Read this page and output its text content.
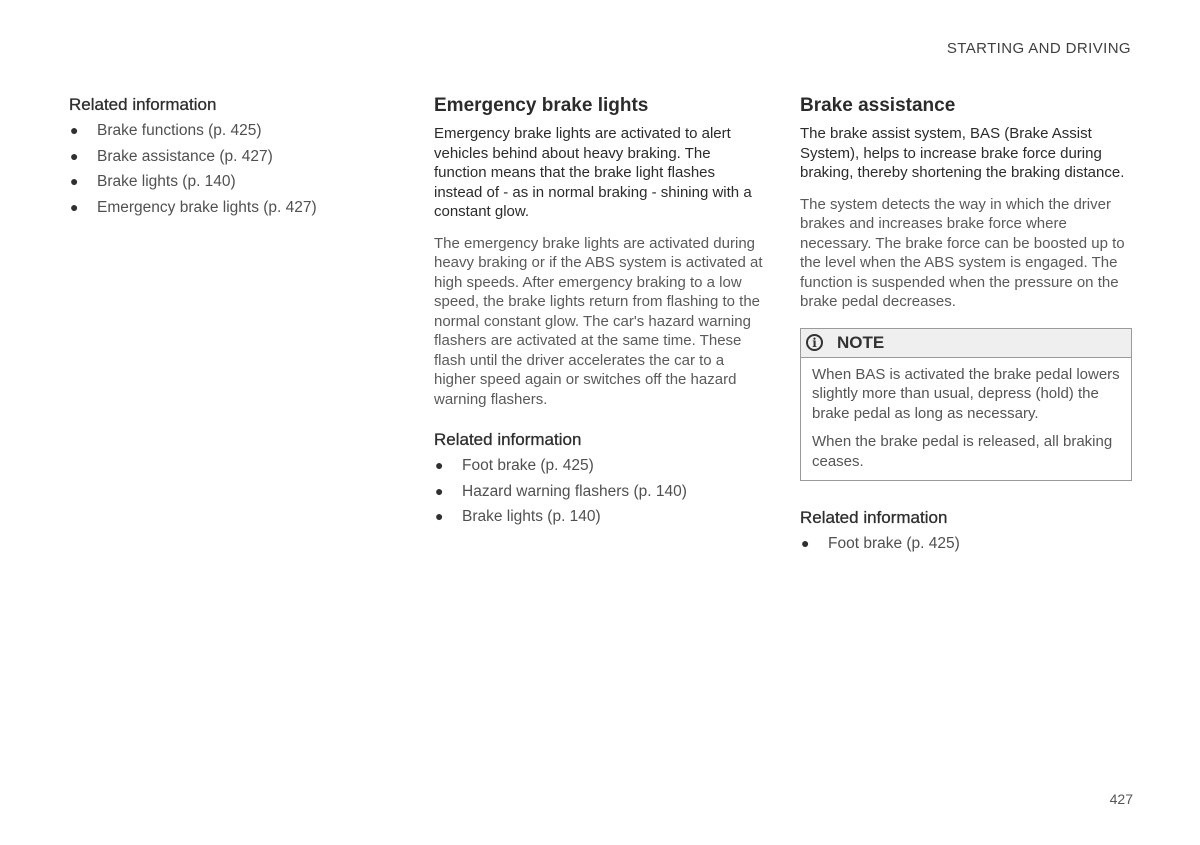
STARTING AND DRIVING
Related information
● Brake functions (p. 425)
● Brake assistance (p. 427)
● Brake lights (p. 140)
● Emergency brake lights (p. 427)
Emergency brake lights

Emergency brake lights are activated to alert vehicles behind about heavy braking. The function means that the brake light flashes instead of - as in normal braking - shining with a constant glow.

The emergency brake lights are activated during heavy braking or if the ABS system is activated at high speeds. After emergency braking to a low speed, the brake lights return from flashing to the normal constant glow. The car's hazard warning flashers are activated at the same time. These flash until the driver accelerates the car to a higher speed again or switches off the hazard warning flashers.

Related information
● Foot brake (p. 425)
● Hazard warning flashers (p. 140)
● Brake lights (p. 140)
Brake assistance

The brake assist system, BAS (Brake Assist System), helps to increase brake force during braking, thereby shortening the braking distance.

The system detects the way in which the driver brakes and increases brake force where necessary. The brake force can be boosted up to the level when the ABS system is engaged. The function is suspended when the pressure on the brake pedal decreases.

i	NOTE

When BAS is activated the brake pedal lowers slightly more than usual, depress (hold) the brake pedal as long as necessary.

When the brake pedal is released, all braking ceases.

Related information
● Foot brake (p. 425)
427
